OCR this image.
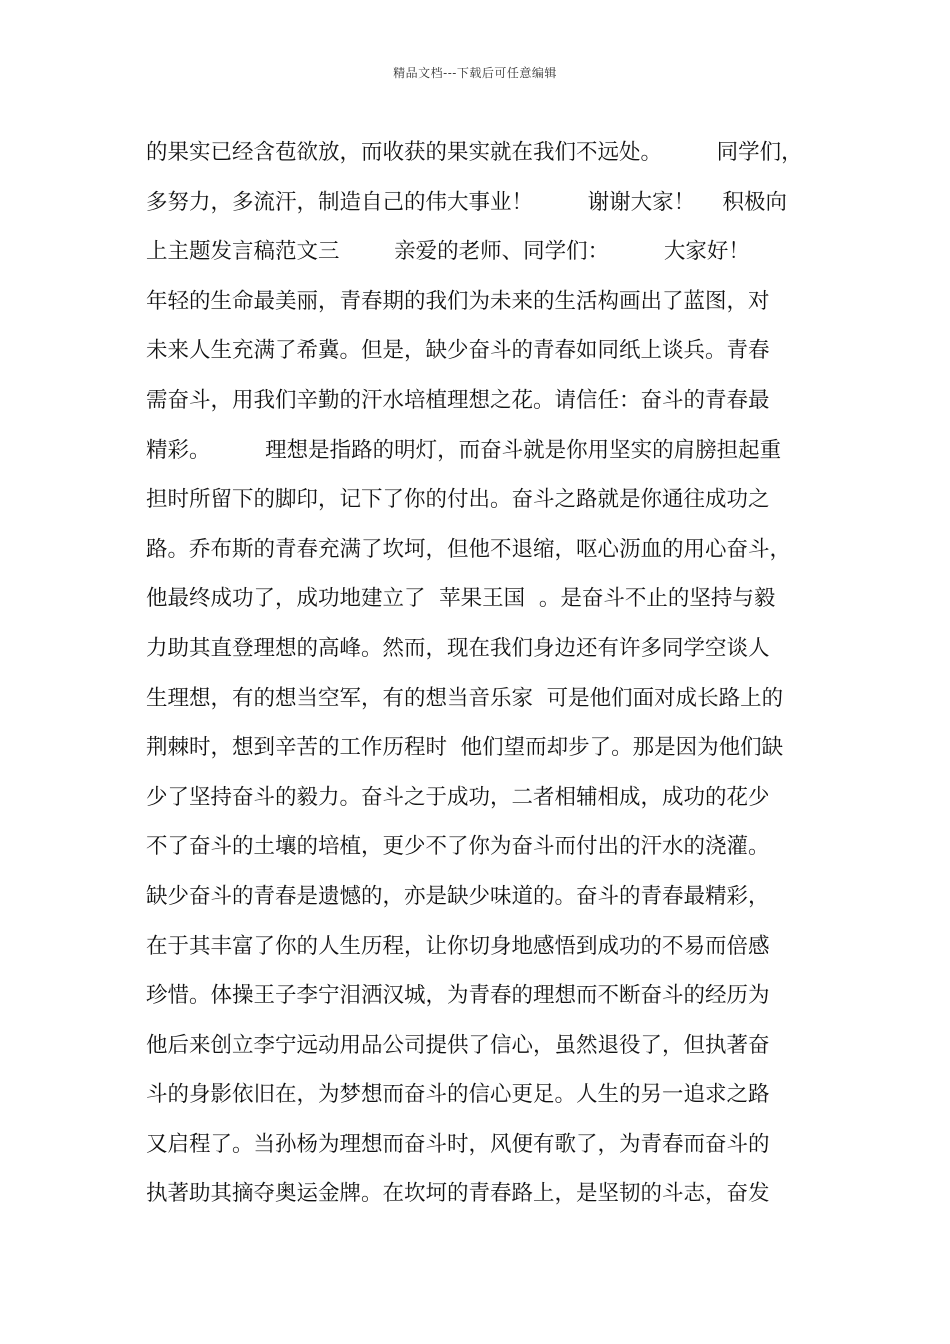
精品文档---下载后可任意编辑
的果实已经含苞欲放，而收获的果实就在我们不远处。        同学们，
多努力，多流汗，制造自己的伟大事业！        谢谢大家！    积极向
上主题发言稿范文三        亲爱的老师、同学们：        大家好！
年轻的生命最美丽，青春期的我们为未来的生活构画出了蓝图，对
未来人生充满了希冀。但是，缺少奋斗的青春如同纸上谈兵。青春
需奋斗，用我们辛勤的汗水培植理想之花。请信任：奋斗的青春最
精彩。        理想是指路的明灯，而奋斗就是你用坚实的肩膀担起重
担时所留下的脚印，记下了你的付出。奋斗之路就是你通往成功之
路。乔布斯的青春充满了坎坷，但他不退缩，呕心沥血的用心奋斗，
他最终成功了，成功地建立了  苹果王国  。是奋斗不止的坚持与毅
力助其直登理想的高峰。然而，现在我们身边还有许多同学空谈人
生理想，有的想当空军，有的想当音乐家  可是他们面对成长路上的
荆棘时，想到辛苦的工作历程时  他们望而却步了。那是因为他们缺
少了坚持奋斗的毅力。奋斗之于成功，二者相辅相成，成功的花少
不了奋斗的土壤的培植，更少不了你为奋斗而付出的汗水的浇灌。
缺少奋斗的青春是遗憾的，亦是缺少味道的。奋斗的青春最精彩，
在于其丰富了你的人生历程，让你切身地感悟到成功的不易而倍感
珍惜。体操王子李宁泪洒汉城，为青春的理想而不断奋斗的经历为
他后来创立李宁远动用品公司提供了信心，虽然退役了，但执著奋
斗的身影依旧在，为梦想而奋斗的信心更足。人生的另一追求之路
又启程了。当孙杨为理想而奋斗时，风便有歌了，为青春而奋斗的
执著助其摘夺奥运金牌。在坎坷的青春路上，是坚韧的斗志，奋发
